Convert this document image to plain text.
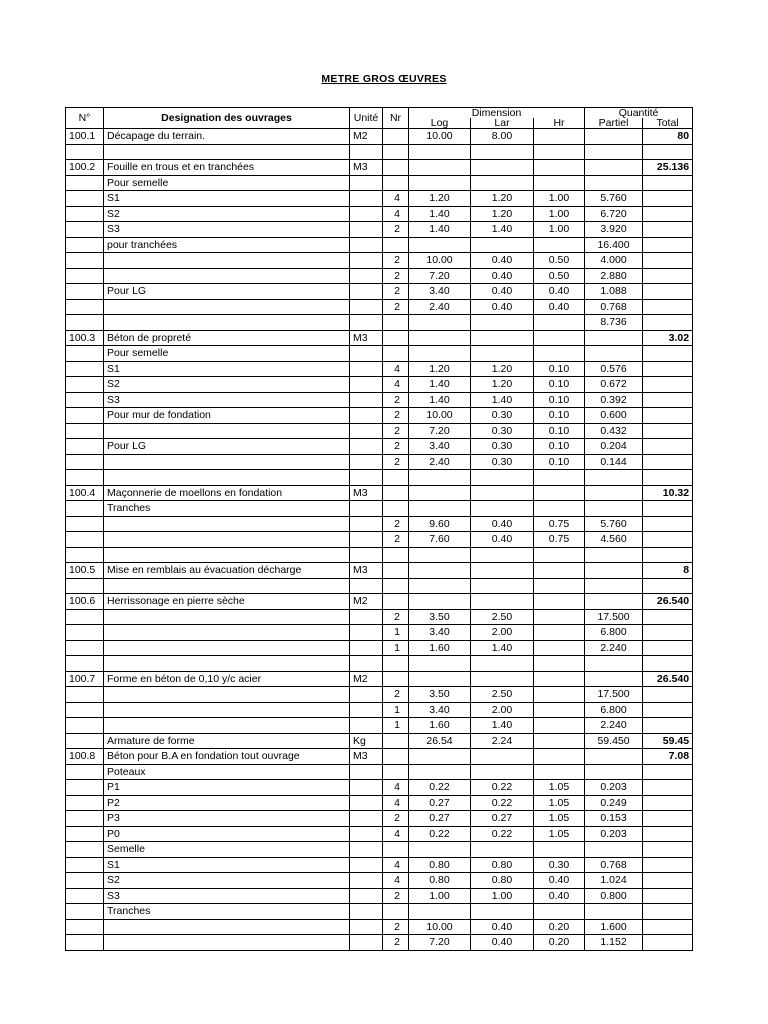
METRE GROS ŒUVRES
N°	Designation des ouvrages	Unité	Nr	Dimension			Quantité	
				Log	Lar	Hr	Partiel	Total
100.1	Décapage du terrain.	M2		10.00	8.00			80

100.2	Fouille en trous et en tranchées	M3						25.136
	Pour semelle							
	S1		4	1.20	1.20	1.00	5.760	
	S2		4	1.40	1.20	1.00	6.720	
	S3		2	1.40	1.40	1.00	3.920	
	pour tranchées						16.400	
			2	10.00	0.40	0.50	4.000	
			2	7.20	0.40	0.50	2.880	
	Pour LG		2	3.40	0.40	0.40	1.088	
			2	2.40	0.40	0.40	0.768	
							8.736	
100.3	Béton de propreté	M3						3.02
	Pour semelle							
	S1		4	1.20	1.20	0.10	0.576	
	S2		4	1.40	1.20	0.10	0.672	
	S3		2	1.40	1.40	0.10	0.392	
	Pour mur de fondation		2	10.00	0.30	0.10	0.600	
			2	7.20	0.30	0.10	0.432	
	Pour LG		2	3.40	0.30	0.10	0.204	
			2	2.40	0.30	0.10	0.144	

100.4	Maçonnerie de moellons en fondation	M3						10.32
	Tranches							
			2	9.60	0.40	0.75	5.760	
			2	7.60	0.40	0.75	4.560	

100.5	Mise en remblais au évacuation décharge	M3						8

100.6	Herrissonage en pierre sèche	M2						26.540
			2	3.50	2.50		17.500	
			1	3.40	2.00		6.800	
			1	1.60	1.40		2.240	

100.7	Forme en béton de 0,10 y/c acier	M2						26.540
			2	3.50	2.50		17.500	
			1	3.40	2.00		6.800	
			1	1.60	1.40		2.240	
	Armature de forme	Kg		26.54	2.24		59.450	59.45
100.8	Béton pour B.A en fondation tout ouvrage	M3						7.08
	Poteaux							
	P1		4	0.22	0.22	1.05	0.203	
	P2		4	0.27	0.22	1.05	0.249	
	P3		2	0.27	0.27	1.05	0.153	
	P0		4	0.22	0.22	1.05	0.203	
	Semelle							
	S1		4	0.80	0.80	0.30	0.768	
	S2		4	0.80	0.80	0.40	1.024	
	S3		2	1.00	1.00	0.40	0.800	
	Tranches							
			2	10.00	0.40	0.20	1.600	
			2	7.20	0.40	0.20	1.152	
